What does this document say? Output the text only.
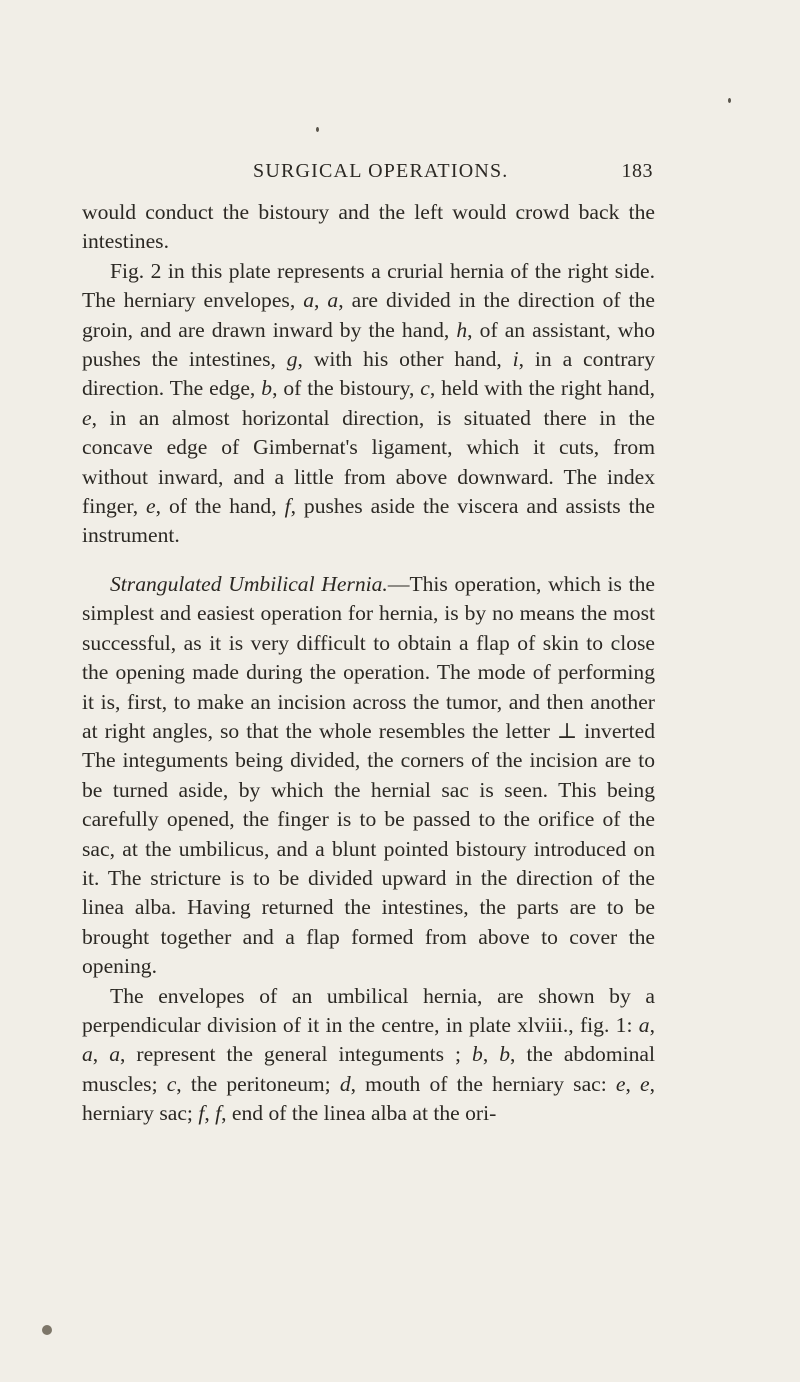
SURGICAL OPERATIONS.	183

would conduct the bistoury and the left would crowd back the intestines.

Fig. 2 in this plate represents a crurial hernia of the right side. The herniary envelopes, a, a, are divided in the direction of the groin, and are drawn inward by the hand, h, of an assistant, who pushes the intestines, g, with his other hand, i, in a contrary direction. The edge, b, of the bistoury, c, held with the right hand, e, in an almost horizontal direction, is situated there in the concave edge of Gimbernat's ligament, which it cuts, from without inward, and a little from above downward. The index finger, e, of the hand, f, pushes aside the viscera and assists the instrument.

Strangulated Umbilical Hernia.—This operation, which is the simplest and easiest operation for hernia, is by no means the most successful, as it is very difficult to obtain a flap of skin to close the opening made during the operation. The mode of performing it is, first, to make an incision across the tumor, and then another at right angles, so that the whole resembles the letter ⊥ inverted The integuments being divided, the corners of the incision are to be turned aside, by which the hernial sac is seen. This being carefully opened, the finger is to be passed to the orifice of the sac, at the umbilicus, and a blunt pointed bistoury introduced on it. The stricture is to be divided upward in the direction of the linea alba. Having returned the intestines, the parts are to be brought together and a flap formed from above to cover the opening.

The envelopes of an umbilical hernia, are shown by a perpendicular division of it in the centre, in plate xlviii., fig. 1: a, a, a, represent the general integuments ; b, b, the abdominal muscles; c, the peritoneum; d, mouth of the herniary sac: e, e, herniary sac; f, f, end of the linea alba at the ori-
